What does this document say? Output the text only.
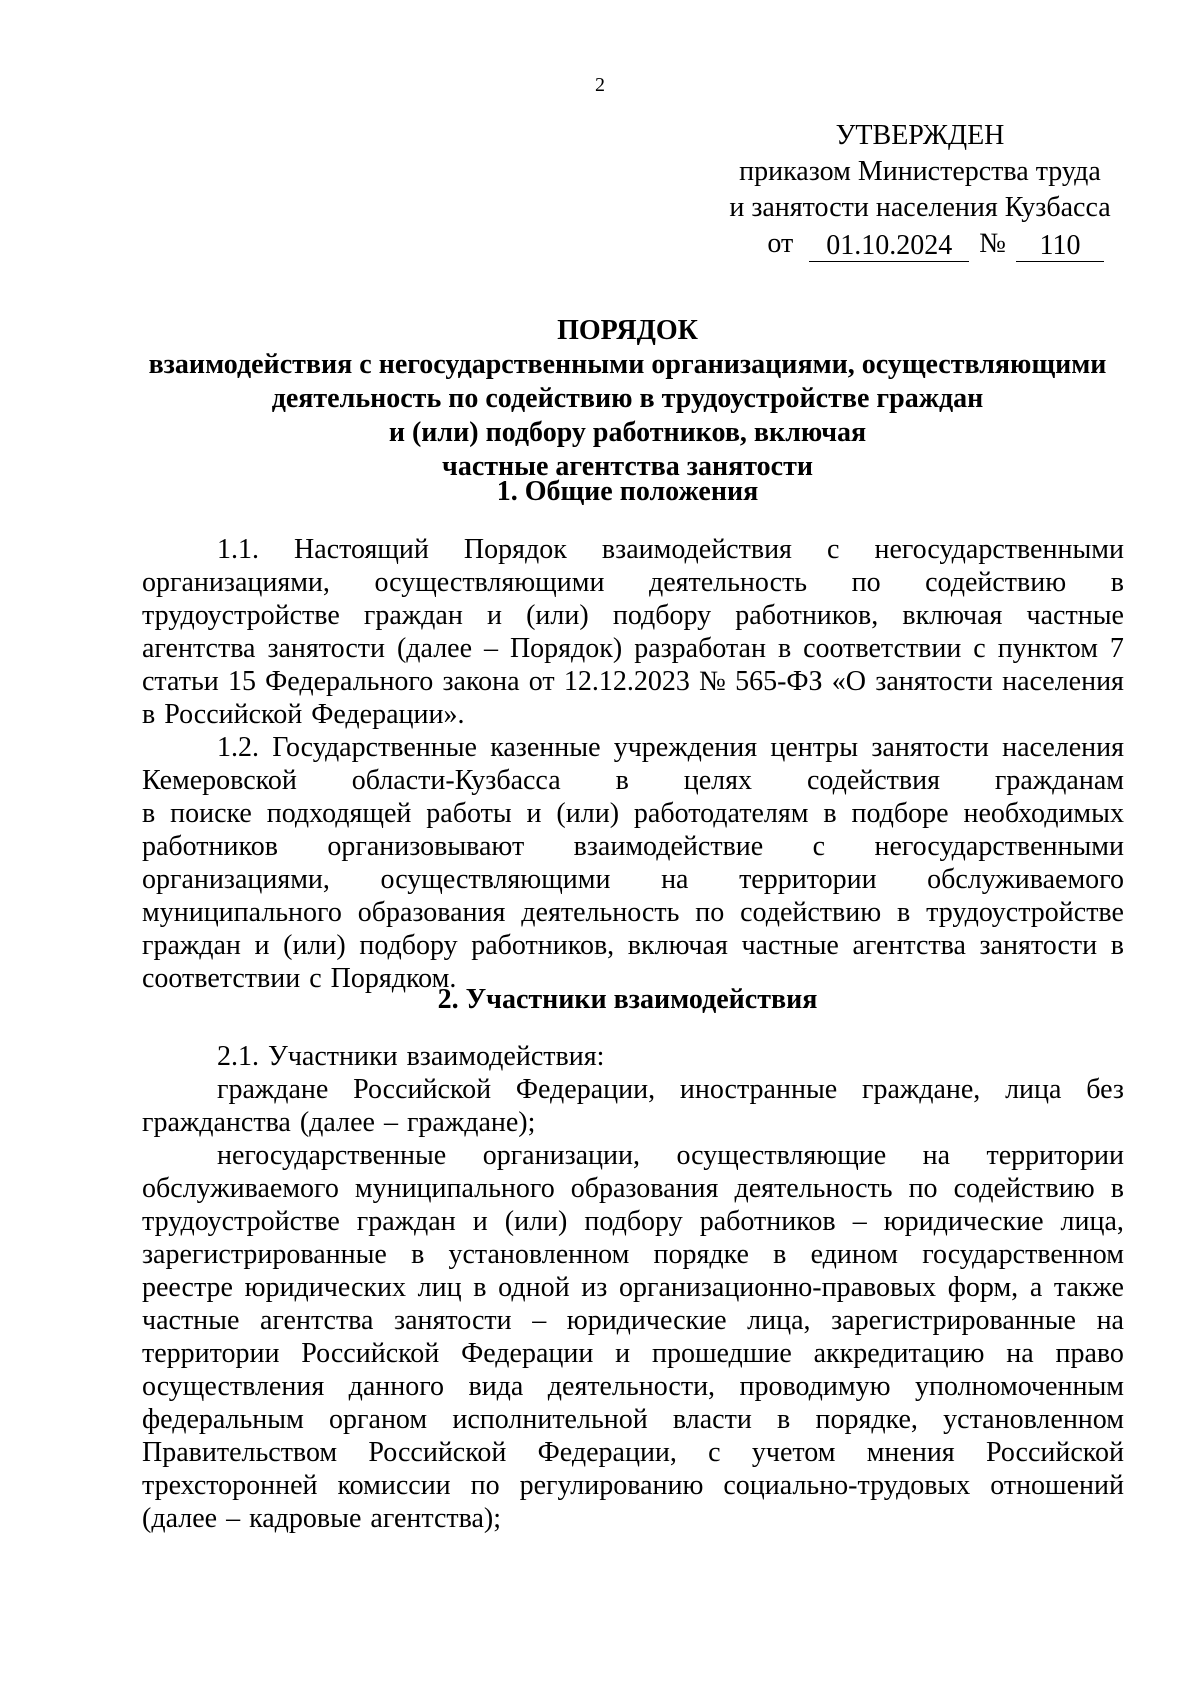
2
УТВЕРЖДЕН
приказом Министерства труда
и занятости населения Кузбасса
от	01.10.2024 №	110
ПОРЯДОК
взаимодействия с негосударственными организациями, осуществляющими
деятельность по содействию в трудоустройстве граждан
и (или) подбору работников, включая
частные агентства занятости
1. Общие положения
1.1. Настоящий Порядок взаимодействия с негосударственными
организациями, осуществляющими деятельность по содействию в
трудоустройстве граждан и (или) подбору работников, включая частные
агентства занятости (далее – Порядок) разработан в соответствии с пунктом 7
статьи 15 Федерального закона от 12.12.2023 № 565-ФЗ «О занятости населения
в Российской Федерации».
1.2. Государственные казенные учреждения центры занятости населения
Кемеровской области-Кузбасса в целях содействия гражданам
в поиске подходящей работы и (или) работодателям в подборе необходимых
работников организовывают взаимодействие с негосударственными
организациями, осуществляющими на территории обслуживаемого
муниципального образования деятельность по содействию в трудоустройстве
граждан и (или) подбору работников, включая частные агентства занятости в
соответствии с Порядком.
2. Участники взаимодействия
2.1. Участники взаимодействия:
граждане Российской Федерации, иностранные граждане, лица без
гражданства (далее – граждане);
негосударственные организации, осуществляющие на территории
обслуживаемого муниципального образования деятельность по содействию в
трудоустройстве граждан и (или) подбору работников – юридические лица,
зарегистрированные в установленном порядке в едином государственном
реестре юридических лиц в одной из организационно-правовых форм, а также
частные агентства занятости – юридические лица, зарегистрированные на
территории Российской Федерации и прошедшие аккредитацию на право
осуществления данного вида деятельности, проводимую уполномоченным
федеральным органом исполнительной власти в порядке, установленном
Правительством Российской Федерации, с учетом мнения Российской
трехсторонней комиссии по регулированию социально-трудовых отношений
(далее – кадровые агентства);
